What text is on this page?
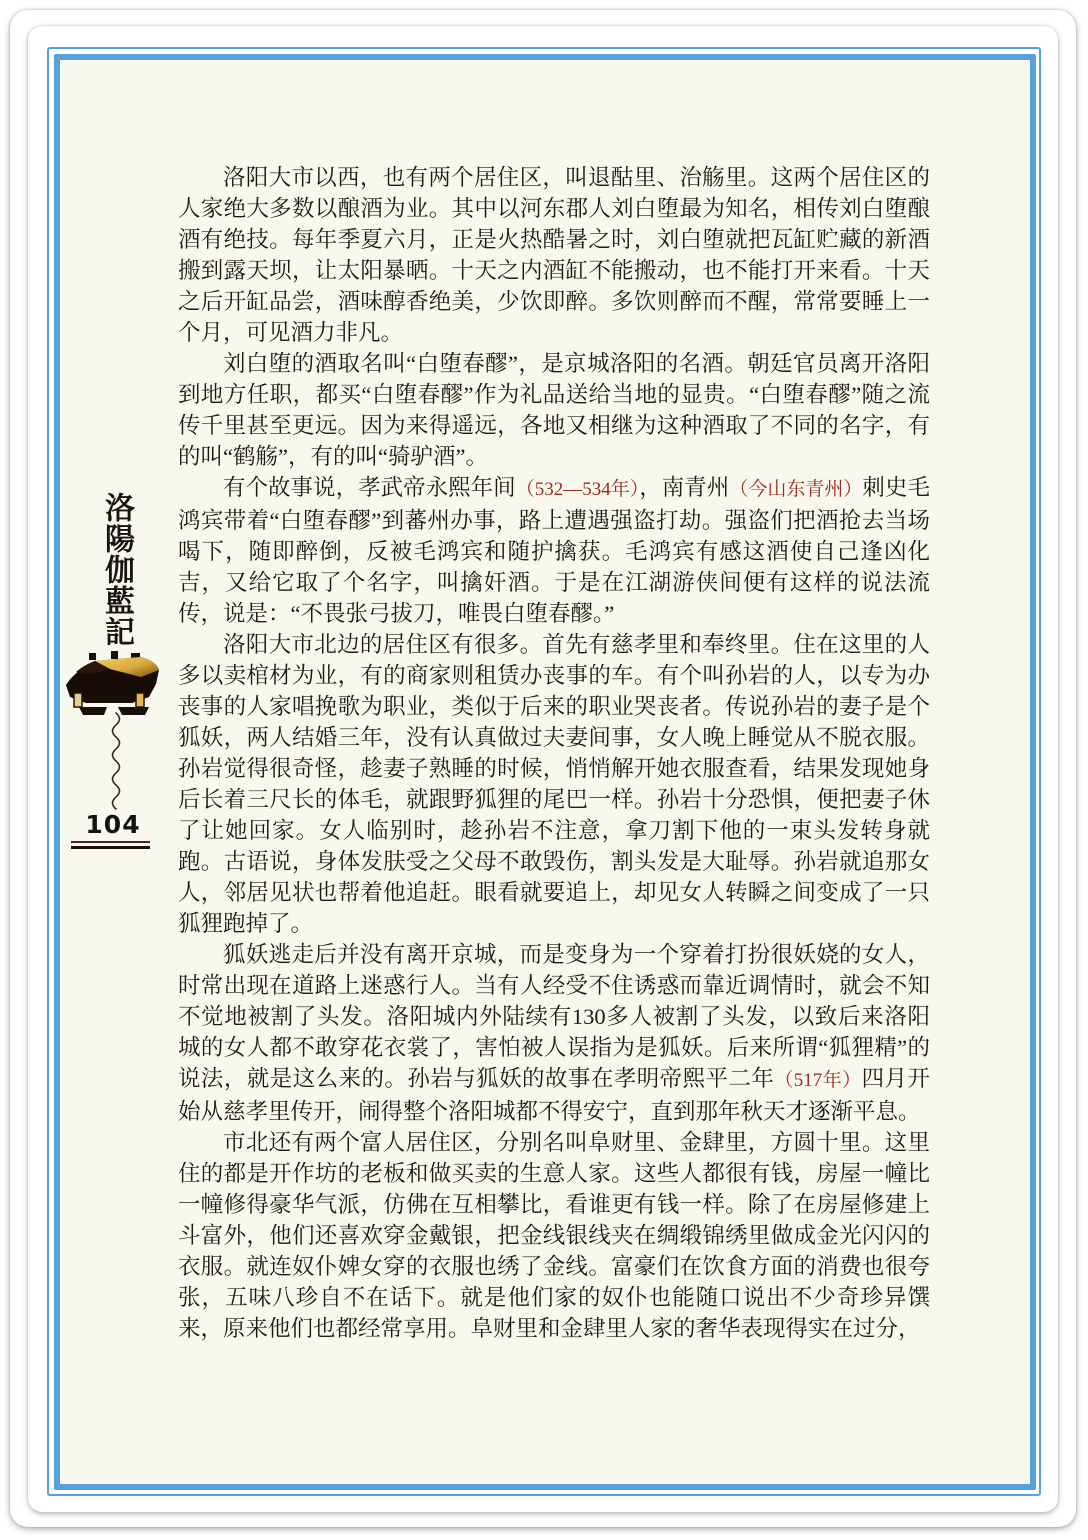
洛陽伽藍記
104

洛阳大市以西，也有两个居住区，叫退酤里、治觞里。这两个居住区的人家绝大多数以酿酒为业。其中以河东郡人刘白堕最为知名，相传刘白堕酿酒有绝技。每年季夏六月，正是火热酷暑之时，刘白堕就把瓦缸贮藏的新酒搬到露天坝，让太阳暴晒。十天之内酒缸不能搬动，也不能打开来看。十天之后开缸品尝，酒味醇香绝美，少饮即醉。多饮则醉而不醒，常常要睡上一个月，可见酒力非凡。

刘白堕的酒取名叫“白堕春醪”，是京城洛阳的名酒。朝廷官员离开洛阳到地方任职，都买“白堕春醪”作为礼品送给当地的显贵。“白堕春醪”随之流传千里甚至更远。因为来得遥远，各地又相继为这种酒取了不同的名字，有的叫“鹤觞”，有的叫“骑驴酒”。

有个故事说，孝武帝永熙年间（532—534年），南青州（今山东青州）刺史毛鸿宾带着“白堕春醪”到蕃州办事，路上遭遇强盗打劫。强盗们把酒抢去当场喝下，随即醉倒，反被毛鸿宾和随护擒获。毛鸿宾有感这酒使自己逢凶化吉，又给它取了个名字，叫擒奸酒。于是在江湖游侠间便有这样的说法流传，说是：“不畏张弓拔刀，唯畏白堕春醪。”

洛阳大市北边的居住区有很多。首先有慈孝里和奉终里。住在这里的人多以卖棺材为业，有的商家则租赁办丧事的车。有个叫孙岩的人，以专为办丧事的人家唱挽歌为职业，类似于后来的职业哭丧者。传说孙岩的妻子是个狐妖，两人结婚三年，没有认真做过夫妻间事，女人晚上睡觉从不脱衣服。孙岩觉得很奇怪，趁妻子熟睡的时候，悄悄解开她衣服查看，结果发现她身后长着三尺长的体毛，就跟野狐狸的尾巴一样。孙岩十分恐惧，便把妻子休了让她回家。女人临别时，趁孙岩不注意，拿刀割下他的一束头发转身就跑。古语说，身体发肤受之父母不敢毁伤，割头发是大耻辱。孙岩就追那女人，邻居见状也帮着他追赶。眼看就要追上，却见女人转瞬之间变成了一只狐狸跑掉了。

狐妖逃走后并没有离开京城，而是变身为一个穿着打扮很妖娆的女人，时常出现在道路上迷惑行人。当有人经受不住诱惑而靠近调情时，就会不知不觉地被割了头发。洛阳城内外陆续有130多人被割了头发，以致后来洛阳城的女人都不敢穿花衣裳了，害怕被人误指为是狐妖。后来所谓“狐狸精”的说法，就是这么来的。孙岩与狐妖的故事在孝明帝熙平二年（517年）四月开始从慈孝里传开，闹得整个洛阳城都不得安宁，直到那年秋天才逐渐平息。

市北还有两个富人居住区，分别名叫阜财里、金肆里，方圆十里。这里住的都是开作坊的老板和做买卖的生意人家。这些人都很有钱，房屋一幢比一幢修得豪华气派，仿佛在互相攀比，看谁更有钱一样。除了在房屋修建上斗富外，他们还喜欢穿金戴银，把金线银线夹在绸缎锦绣里做成金光闪闪的衣服。就连奴仆婢女穿的衣服也绣了金线。富豪们在饮食方面的消费也很夸张，五味八珍自不在话下。就是他们家的奴仆也能随口说出不少奇珍异馔来，原来他们也都经常享用。阜财里和金肆里人家的奢华表现得实在过分，
